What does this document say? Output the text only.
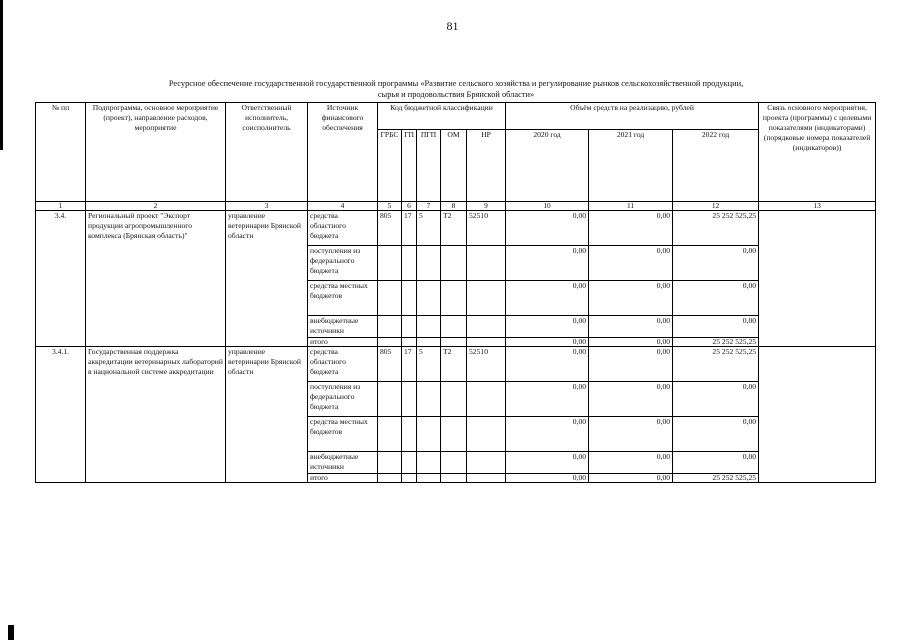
81
Ресурсное обеспечение государственной государственной программы «Развитие сельского хозяйства и регулирование рынков сельскохозяйственной продукции,
сырья и продовольствия Брянской области»
№ пп	Подпрограмма, основное мероприятие (проект), направление расходов, мероприятие	Ответственный исполнитель, соисполнитель	Источник финансового обеспечения	Код бюджетной классификации					Объём средств на реализацию, рублей			Связь основного мероприятия, проекта (программы) с целевыми показателями (индикаторами) (порядковые номера показателей (индикаторов))
				ГРБС	ГП	ПГП	ОМ	НР	2020 год	2021 год	2022 год	
1	2	3	4	5	6	7	8	9	10	11	12	13
3.4.	Региональный проект "Экспорт продукции агропромышленного комплекса (Брянская область)"	управление ветеринарии Брянской области	средства областного бюджета	805	17	5	T2	52510	0,00	0,00	25 252 525,25	
			поступления из федерального бюджета						0,00	0,00	0,00	
			средства местных бюджетов						0,00	0,00	0,00	
			внебюджетные источники						0,00	0,00	0,00	
			итого						0,00	0,00	25 252 525,25	
3.4.1.	Государственная поддержка аккредитации ветеринарных лабораторий в национальной системе аккредитации	управление ветеринарии Брянской области	средства областного бюджета	805	17	5	T2	52510	0,00	0,00	25 252 525,25	
			поступления из федерального бюджета						0,00	0,00	0,00	
			средства местных бюджетов						0,00	0,00	0,00	
			внебюджетные источники						0,00	0,00	0,00	
			итого						0,00	0,00	25 252 525,25	
